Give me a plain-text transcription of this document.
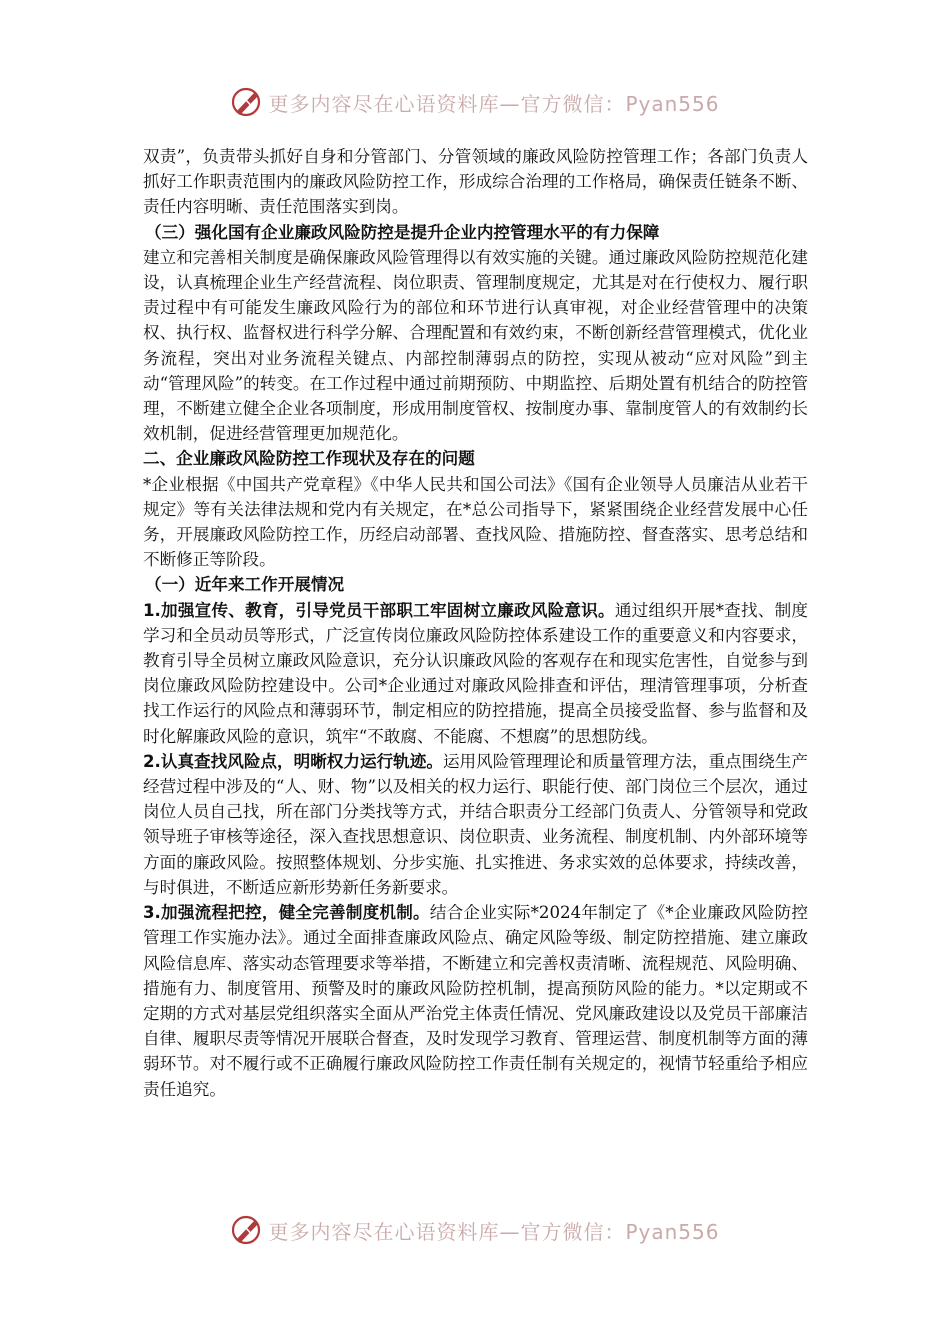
更多内容尽在心语资料库—官方微信：Pyan556

双责”，负责带头抓好自身和分管部门、分管领域的廉政风险防控管理工作；各部门负责人抓好工作职责范围内的廉政风险防控工作，形成综合治理的工作格局，确保责任链条不断、责任内容明晰、责任范围落实到岗。

（三）强化国有企业廉政风险防控是提升企业内控管理水平的有力保障

建立和完善相关制度是确保廉政风险管理得以有效实施的关键。通过廉政风险防控规范化建设，认真梳理企业生产经营流程、岗位职责、管理制度规定，尤其是对在行使权力、履行职责过程中有可能发生廉政风险行为的部位和环节进行认真审视，对企业经营管理中的决策权、执行权、监督权进行科学分解、合理配置和有效约束，不断创新经营管理模式，优化业务流程，突出对业务流程关键点、内部控制薄弱点的防控，实现从被动“应对风险”到主动“管理风险”的转变。在工作过程中通过前期预防、中期监控、后期处置有机结合的防控管理，不断建立健全企业各项制度，形成用制度管权、按制度办事、靠制度管人的有效制约长效机制，促进经营管理更加规范化。

二、企业廉政风险防控工作现状及存在的问题

*企业根据《中国共产党章程》《中华人民共和国公司法》《国有企业领导人员廉洁从业若干规定》等有关法律法规和党内有关规定，在*总公司指导下，紧紧围绕企业经营发展中心任务，开展廉政风险防控工作，历经启动部署、查找风险、措施防控、督查落实、思考总结和不断修正等阶段。

（一）近年来工作开展情况

1.加强宣传、教育，引导党员干部职工牢固树立廉政风险意识。通过组织开展*查找、制度学习和全员动员等形式，广泛宣传岗位廉政风险防控体系建设工作的重要意义和内容要求，教育引导全员树立廉政风险意识，充分认识廉政风险的客观存在和现实危害性，自觉参与到岗位廉政风险防控建设中。公司*企业通过对廉政风险排查和评估，理清管理事项，分析查找工作运行的风险点和薄弱环节，制定相应的防控措施，提高全员接受监督、参与监督和及时化解廉政风险的意识，筑牢“不敢腐、不能腐、不想腐”的思想防线。

2.认真查找风险点，明晰权力运行轨迹。运用风险管理理论和质量管理方法，重点围绕生产经营过程中涉及的“人、财、物”以及相关的权力运行、职能行使、部门岗位三个层次，通过岗位人员自己找，所在部门分类找等方式，并结合职责分工经部门负责人、分管领导和党政领导班子审核等途径，深入查找思想意识、岗位职责、业务流程、制度机制、内外部环境等方面的廉政风险。按照整体规划、分步实施、扎实推进、务求实效的总体要求，持续改善，与时俱进，不断适应新形势新任务新要求。

3.加强流程把控，健全完善制度机制。结合企业实际*2024年制定了《*企业廉政风险防控管理工作实施办法》。通过全面排查廉政风险点、确定风险等级、制定防控措施、建立廉政风险信息库、落实动态管理要求等举措，不断建立和完善权责清晰、流程规范、风险明确、措施有力、制度管用、预警及时的廉政风险防控机制，提高预防风险的能力。*以定期或不定期的方式对基层党组织落实全面从严治党主体责任情况、党风廉政建设以及党员干部廉洁自律、履职尽责等情况开展联合督查，及时发现学习教育、管理运营、制度机制等方面的薄弱环节。对不履行或不正确履行廉政风险防控工作责任制有关规定的，视情节轻重给予相应责任追究。

更多内容尽在心语资料库—官方微信：Pyan556
